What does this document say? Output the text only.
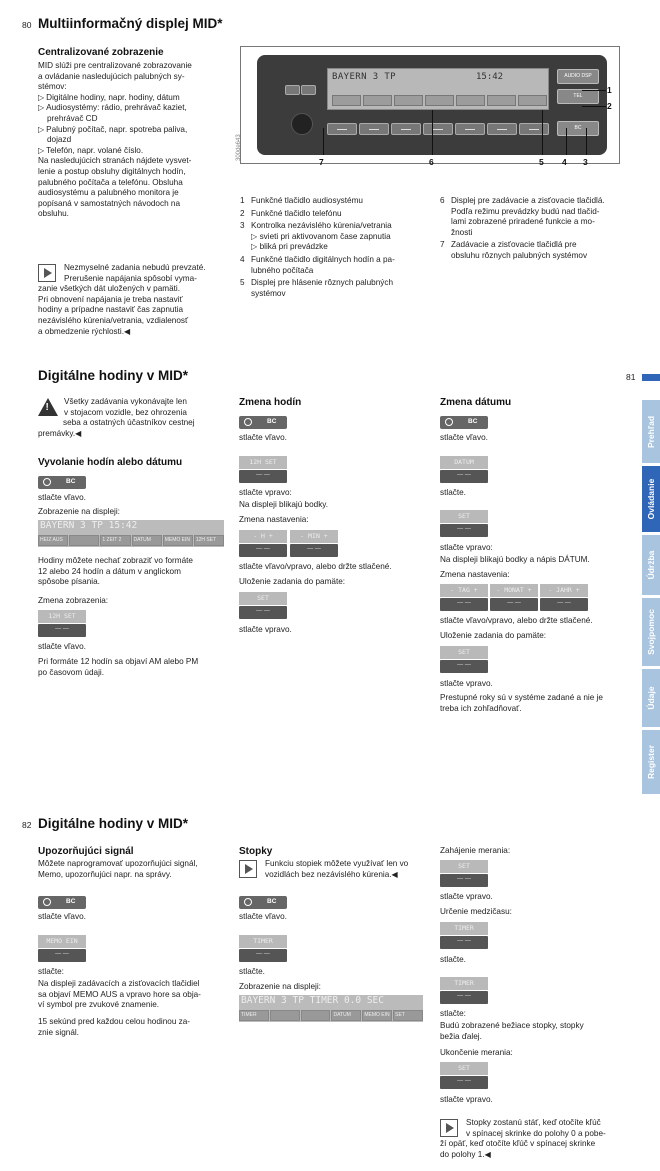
80 Multiinformačný displej MID*
Centralizované zobrazenie

MID slúži pre centralizované zobrazovanie

a ovládanie nasledujúcich palubných sy-

stémov:

▷ Digitálne hodiny, napr. hodiny, dátum

▷ Audiosystémy: rádio, prehrávač kaziet,

prehrávač CD

▷ Palubný počítač, napr. spotreba paliva,

dojazd

▷ Telefón, napr. volané číslo.

Na nasledujúcich stranách nájdete vysvet-

lenie a postup obsluhy digitálnych hodín,

palubného počítača a telefónu. Obsluha

audiosystému a palubného monitora je

popísaná v samostatných návodoch na

obsluhu.

Nezmyselné zadania nebudú prevzaté.

Prerušenie napájania spôsobí vyma-

zanie všetkých dát uložených v pamäti.

Pri obnovení napájania je treba nastaviť

hodiny a prípadne nastaviť čas zapnutia

nezávislého kúrenia/vetrania, vzdialenosť

a obmedzenie rýchlosti.◀

300de643
BAYERN 3 TP	15:42	AUDIO DSP
TEL
BC
1
2
3
4
5
6
7
1 Funkčné tlačidlo audiosystému
2 Funkčné tlačidlo telefónu
3 Kontrolka nezávislého kúrenia/vetrania
▷ svieti pri aktivovanom čase zapnutia
▷ bliká pri prevádzke
4 Funkčné tlačidlo digitálnych hodín a pa-
lubného počítača
5 Displej pre hlásenie rôznych palubných
systémov
6 Displej pre zadávacie a zisťovacie tlačidlá.
Podľa režimu prevádzky budú nad tlačid-
lami zobrazené priradené funkcie a mo-
žnosti
7 Zadávacie a zisťovacie tlačidlá pre
obsluhu rôznych palubných systémov
Digitálne hodiny v MID*	81
Prehľad
Ovládanie
Údržba
Svojpomoc
Údaje
Register
!

Všetky zadávania vykonávajte len

v stojacom vozidle, bez ohrozenia

seba a ostatných účastníkov cestnej

premávky.◀

Vyvolanie hodín alebo dátumu
BC
stlačte vľavo.
Zobrazenie na displeji:
BAYERN 3 TP 15:42
HEIZ AUS	1 ZEIT 2	DATUM	MEMO EIN	12H SET

Hodiny môžete nechať zobraziť vo formáte

12 alebo 24 hodín a dátum v anglickom

spôsobe písania.

Zmena zobrazenia:
12H SET
— —
stlačte vľavo.

Pri formáte 12 hodín sa objaví AM alebo PM

po časovom údaji.

Zmena hodín
BC
stlačte vľavo.
12H SET
— —
stlačte vpravo:
Na displeji blikajú bodky.
Zmena nastavenia:
- H +
— —	- MIN +
— —
stlačte vľavo/vpravo, alebo držte stlačené.
Uloženie zadania do pamäte:
SET
— —
stlačte vpravo.
Zmena dátumu
BC
stlačte vľavo.
DATUM
— —
stlačte.
SET
— —
stlačte vpravo:
Na displeji blikajú bodky a nápis DÁTUM.
Zmena nastavenia:
- TAG +
— —	- MONAT +
— —	- JAHR +
— —
stlačte vľavo/vpravo, alebo držte stlačené.
Uloženie zadania do pamäte:
SET
— —
stlačte vpravo.

Prestupné roky sú v systéme zadané a nie je

treba ich zohľadňovať.

82 Digitálne hodiny v MID*
Upozorňujúci signál

Môžete naprogramovať upozorňujúci signál,

Memo, upozorňujúci napr. na správy.

BC
stlačte vľavo.
MEMO EIN
— —
stlačte:

Na displeji zadávacích a zisťovacích tlačidiel

sa objaví MEMO AUS a vpravo hore sa obja-

ví symbol pre zvukové znamenie.

15 sekúnd pred každou celou hodinou za-

znie signál.

Stopky

Funkciu stopiek môžete využívať len vo

vozidlách bez nezávislého kúrenia.◀

BC
stlačte vľavo.
TIMER
— —
stlačte.
Zobrazenie na displeji:
BAYERN 3 TP TIMER 0.0 SEC
TIMER	DATUM	MEMO EIN	SET
Zahájenie merania:
SET
— —
stlačte vpravo.
Určenie medzičasu:
TIMER
— —
stlačte.
TIMER
— —
stlačte:

Budú zobrazené bežiace stopky, stopky

bežia ďalej.

Ukončenie merania:
SET
— —
stlačte vpravo.

Stopky zostanú stáť, keď otočíte kľúč

v spínacej skrinke do polohy 0 a pobe-

ží opäť, keď otočíte kľúč v spínacej skrinke

do polohy 1.◀
